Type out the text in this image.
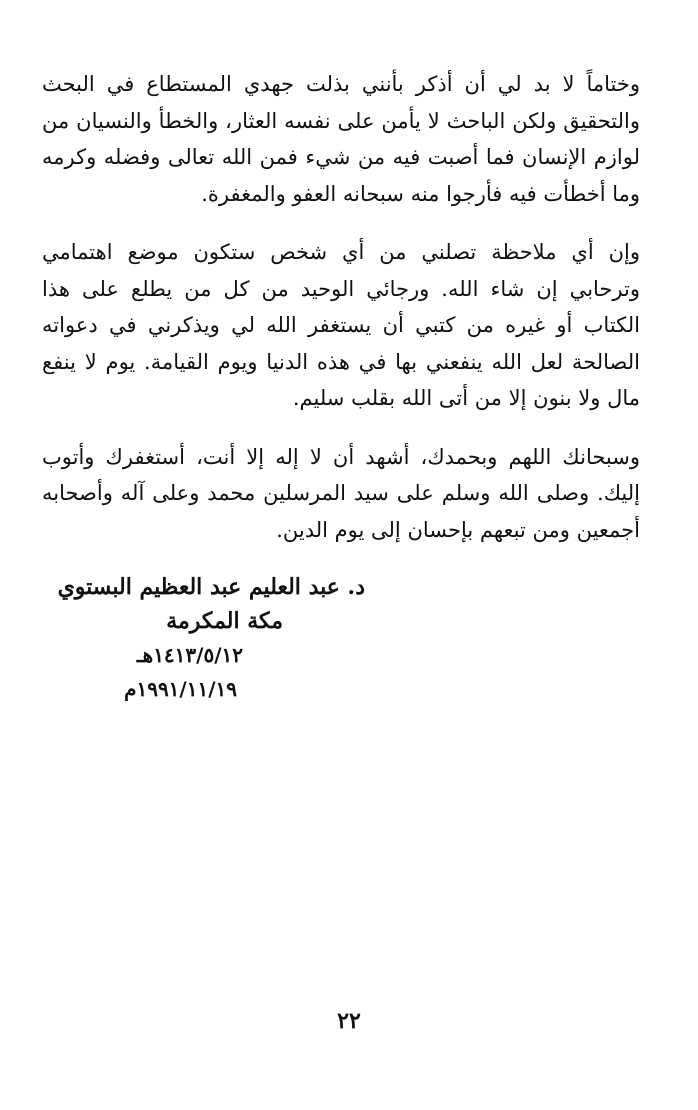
وختاماً لا بد لي أن أذكر بأنني بذلت جهدي المستطاع في البحث والتحقيق ولكن الباحث لا يأمن على نفسه العثار، والخطأ والنسيان من لوازم الإنسان فما أصبت فيه من شيء فمن الله تعالى وفضله وكرمه وما أخطأت فيه فأرجوا منه سبحانه العفو والمغفرة.

وإن أي ملاحظة تصلني من أي شخص ستكون موضع اهتمامي وترحابي إن شاء الله. ورجائي الوحيد من كل من يطلع على هذا الكتاب أو غيره من كتبي أن يستغفر الله لي ويذكرني في دعواته الصالحة لعل الله ينفعني بها في هذه الدنيا ويوم القيامة. يوم لا ينفع مال ولا بنون إلا من أتى الله بقلب سليم.

وسبحانك اللهم وبحمدك، أشهد أن لا إله إلا أنت، أستغفرك وأتوب إليك. وصلى الله وسلم على سيد المرسلين محمد وعلى آله وأصحابه أجمعين ومن تبعهم بإحسان إلى يوم الدين.

د. عبد العليم عبد العظيم البستوي
مكة المكرمة
١٤١٣/٥/١٢هـ
١٩٩١/١١/١٩م
٢٢
